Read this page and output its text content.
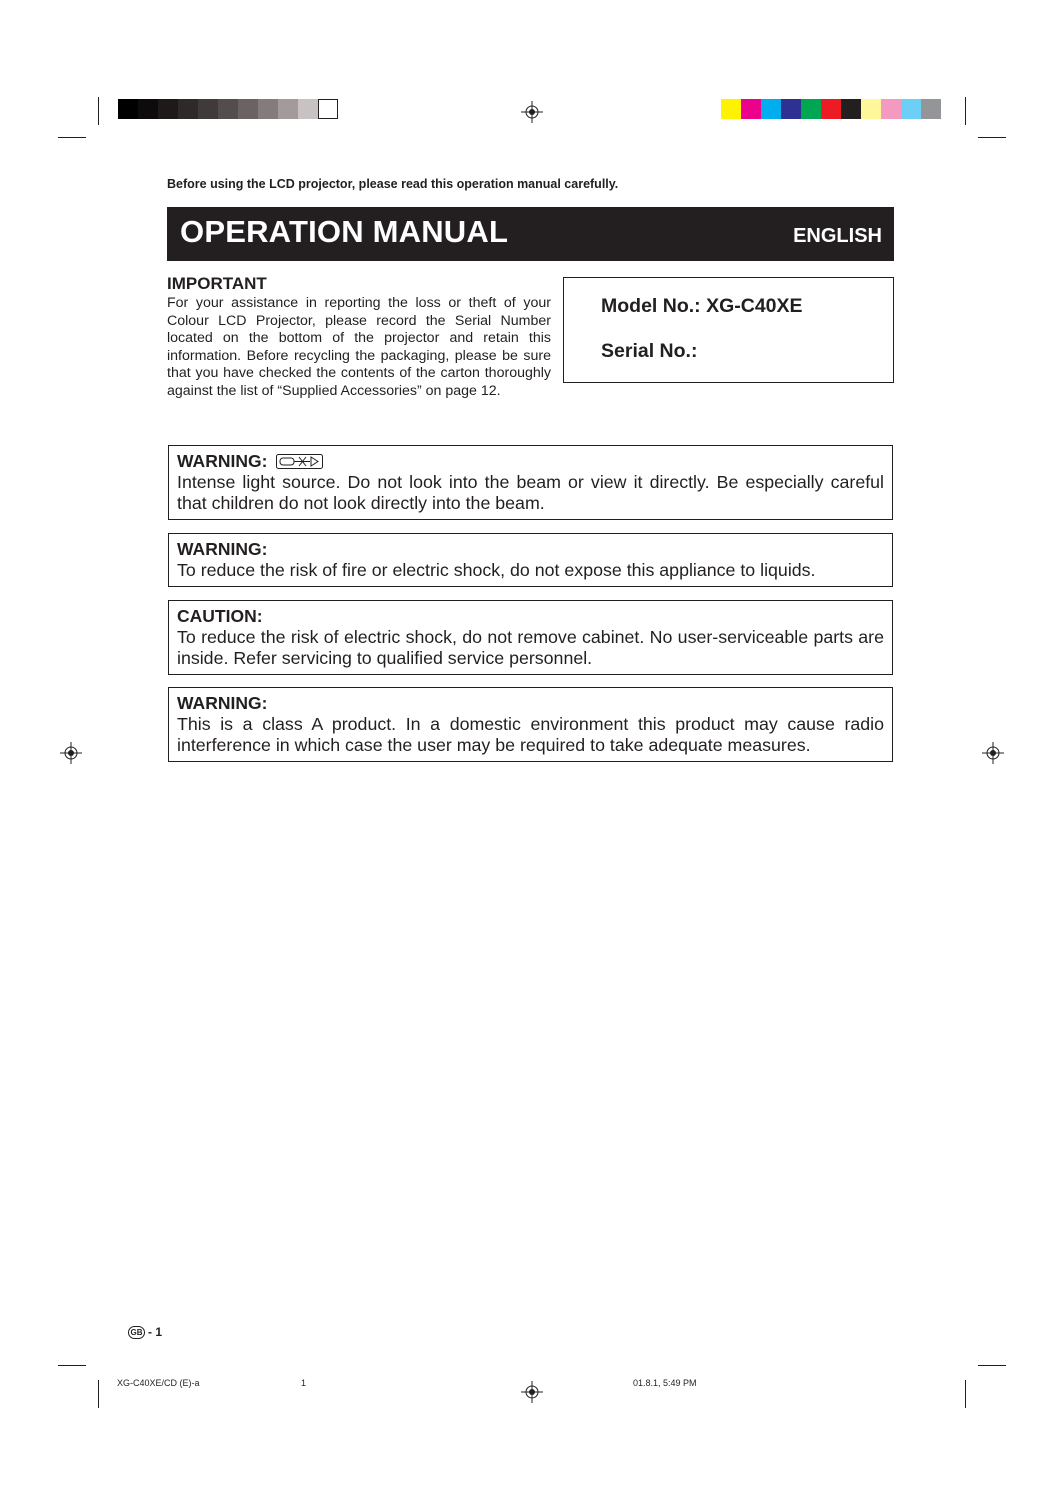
Before using the LCD projector, please read this operation manual carefully.
OPERATION MANUAL	ENGLISH
IMPORTANT
For your assistance in reporting the loss or theft of your Colour LCD Projector, please record the Serial Number located on the bottom of the projector and retain this information. Before recycling the packaging, please be sure that you have checked the contents of the carton thoroughly against the list of “Supplied Accessories” on page 12.
Model No.: XG-C40XE
Serial No.:
WARNING:
Intense light source. Do not look into the beam or view it directly. Be especially careful that children do not look directly into the beam.
WARNING:
To reduce the risk of fire or electric shock, do not expose this appliance to liquids.
CAUTION:
To reduce the risk of electric shock, do not remove cabinet. No user-serviceable parts are inside. Refer servicing to qualified service personnel.
WARNING:
This is a class A product. In a domestic environment this product may cause radio interference in which case the user may be required to take adequate measures.
GB - 1
XG-C40XE/CD (E)-a	1	01.8.1, 5:49 PM
